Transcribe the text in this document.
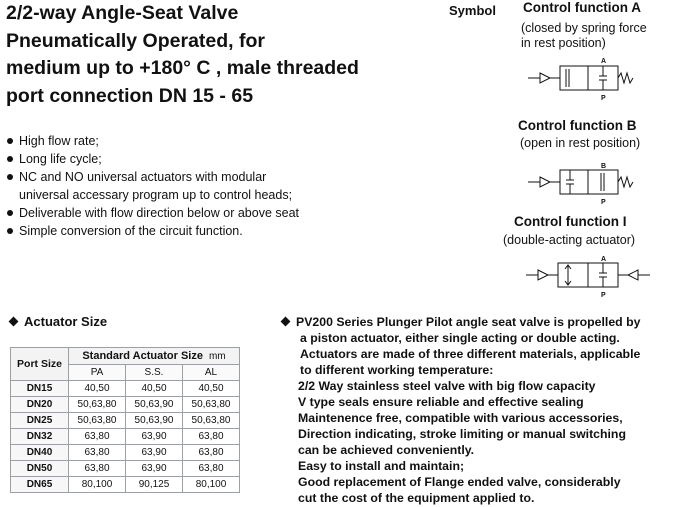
2/2-way Angle-Seat Valve
Pneumatically Operated, for
medium up to +180° C , male threaded
port connection DN 15 - 65
High flow rate;
Long life cycle;
NC and NO universal actuators with modular
universal accessary program up to control heads;
Deliverable with flow direction below or above seat
Simple conversion of the circuit function.
Symbol Control function A
(closed by spring force
in rest position)
A
P
Control function B
(open in rest position)
B
P
Control function I
(double-acting actuator)
A
P
Actuator Size
Port Size	Standard Actuator Size mm		
	PA	S.S.	AL
DN15	40,50	40,50	40,50
DN20	50,63,80	50,63,90	50,63,80
DN25	50,63,80	50,63,90	50,63,80
DN32	63,80	63,90	63,80
DN40	63,80	63,90	63,80
DN50	63,80	63,90	63,80
DN65	80,100	90,125	80,100
PV200 Series Plunger Pilot angle seat valve is propelled by
a piston actuator, either single acting or double acting.
Actuators are made of three different materials, applicable
to different working temperature:
2/2 Way stainless steel valve with big flow capacity
V type seals ensure reliable and effective sealing
Maintenence free, compatible with various accessories,
Direction indicating, stroke limiting or manual switching
can be achieved conveniently.
Easy to install and maintain;
Good replacement of Flange ended valve, considerably
cut the cost of the equipment applied to.
